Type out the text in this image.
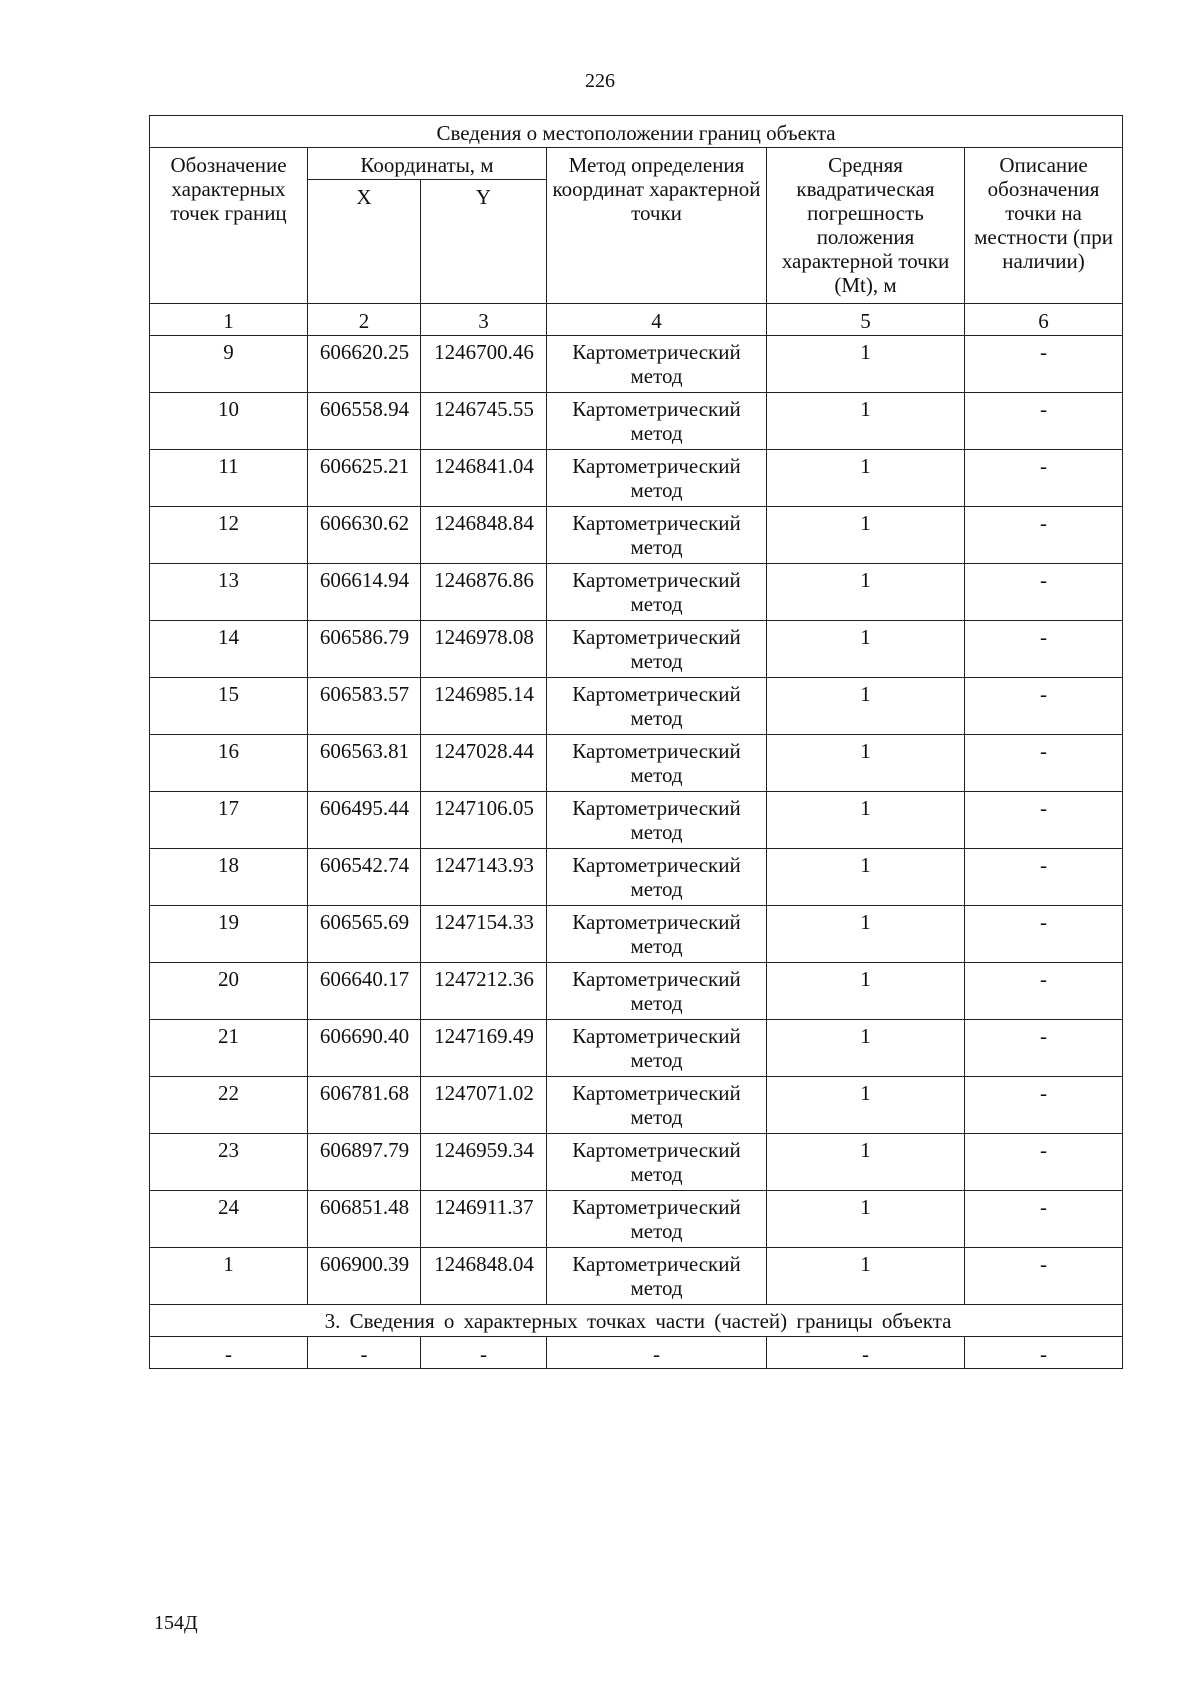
226
Сведения о местоположении границ объекта					

Обозначение характерных точек границ	Координаты, м		Метод определения координат характерной точки	Средняя квадратическая погрешность положения характерной точки (Mt), м	Описание обозначения точки на местности (при наличии)

	X	Y			

1	2	3	4	5	6

9	606620.25	1246700.46	Картометрический метод	1	-

10	606558.94	1246745.55	Картометрический метод	1	-

11	606625.21	1246841.04	Картометрический метод	1	-

12	606630.62	1246848.84	Картометрический метод	1	-

13	606614.94	1246876.86	Картометрический метод	1	-

14	606586.79	1246978.08	Картометрический метод	1	-

15	606583.57	1246985.14	Картометрический метод	1	-

16	606563.81	1247028.44	Картометрический метод	1	-

17	606495.44	1247106.05	Картометрический метод	1	-

18	606542.74	1247143.93	Картометрический метод	1	-

19	606565.69	1247154.33	Картометрический метод	1	-

20	606640.17	1247212.36	Картометрический метод	1	-

21	606690.40	1247169.49	Картометрический метод	1	-

22	606781.68	1247071.02	Картометрический метод	1	-

23	606897.79	1246959.34	Картометрический метод	1	-

24	606851.48	1246911.37	Картометрический метод	1	-

1	606900.39	1246848.04	Картометрический метод	1	-

3. Сведения о характерных точках части (частей) границы объекта					

-	-	-	-	-	-
154Д
